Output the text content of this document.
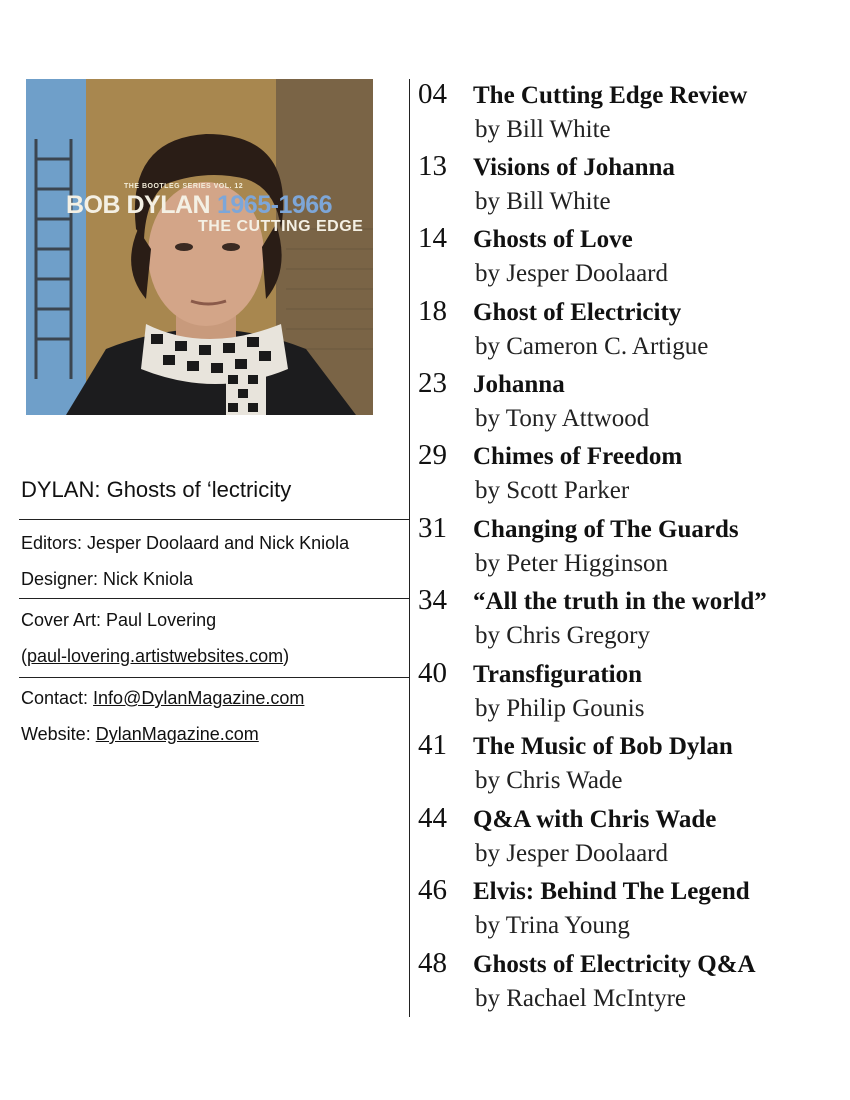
THE BOOTLEG SERIES VOL. 12
BOB DYLAN 1965-1966
THE CUTTING EDGE
DYLAN: Ghosts of ‘lectricity
Editors: Jesper Doolaard and Nick Kniola
Designer: Nick Kniola
Cover Art: Paul Lovering
(paul-lovering.artistwebsites.com)
Contact: Info@DylanMagazine.com
Website: DylanMagazine.com
04 The Cutting Edge Review
by Bill White
13 Visions of Johanna
by Bill White
14 Ghosts of Love
by Jesper Doolaard
18 Ghost of Electricity
by Cameron C. Artigue
23 Johanna
by Tony Attwood
29 Chimes of Freedom
by Scott Parker
31 Changing of The Guards
by Peter Higginson
34 “All the truth in the world”
by Chris Gregory
40 Transfiguration
by Philip Gounis
41 The Music of Bob Dylan
by Chris Wade
44 Q&A with Chris Wade
by Jesper Doolaard
46 Elvis: Behind The Legend
by Trina Young
48 Ghosts of Electricity Q&A
by Rachael McIntyre
